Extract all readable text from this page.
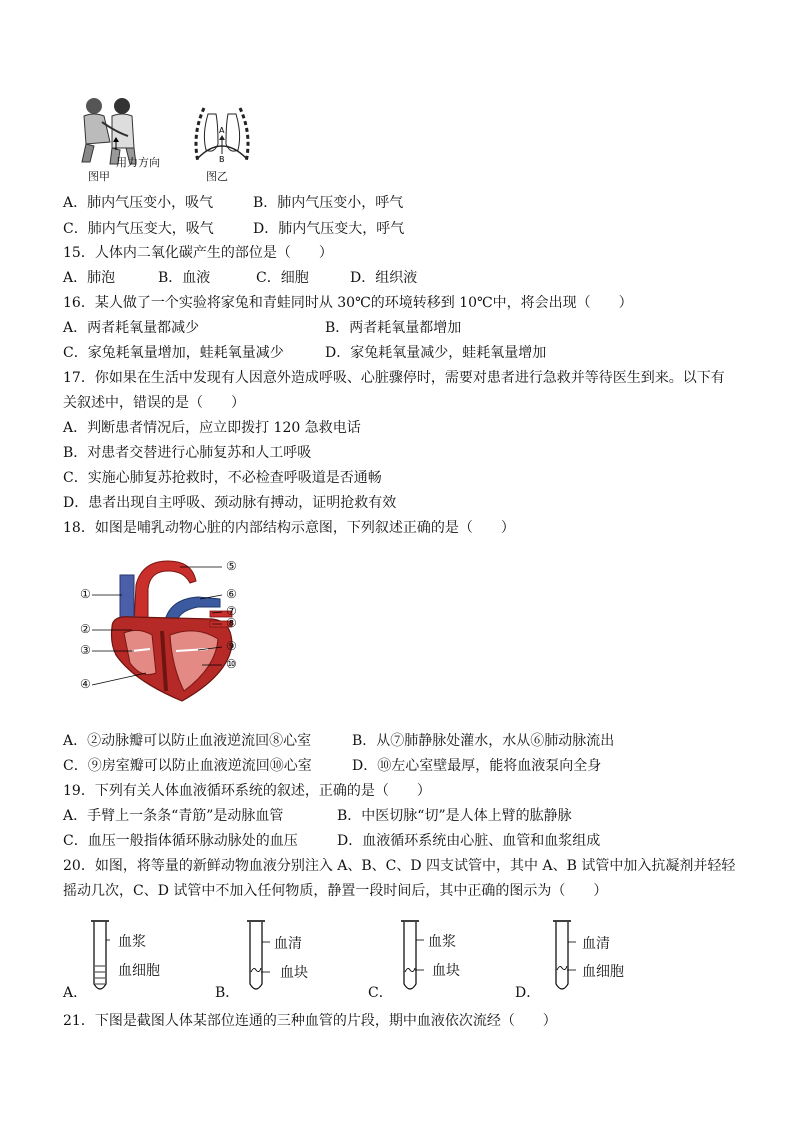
用力方向
图甲
A
B
图乙
A．肺内气压变小，吸气	B．肺内气压变小，呼气
C．肺内气压变大，吸气	D．肺内气压变大，呼气
15．人体内二氧化碳产生的部位是（　　）
A．肺泡	B．血液	C．细胞	D．组织液
16．某人做了一个实验将家兔和青蛙同时从 30℃的环境转移到 10℃中，将会出现（　　）
A．两者耗氧量都减少	B．两者耗氧量都增加
C．家兔耗氧量增加，蛙耗氧量减少	D．家兔耗氧量减少，蛙耗氧量增加
17．你如果在生活中发现有人因意外造成呼吸、心脏骤停时，需要对患者进行急救并等待医生到来。以下有
关叙述中，错误的是（　　）
A．判断患者情况后，应立即拨打 120 急救电话
B．对患者交替进行心肺复苏和人工呼吸
C．实施心肺复苏抢救时，不必检查呼吸道是否通畅
D．患者出现自主呼吸、颈动脉有搏动，证明抢救有效
18．如图是哺乳动物心脏的内部结构示意图，下列叙述正确的是（　　）
①
②
③
④
⑤
⑥
⑦
⑧
⑨
⑩
A．②动脉瓣可以防止血液逆流回⑧心室	B．从⑦肺静脉处灌水，水从⑥肺动脉流出
C．⑨房室瓣可以防止血液逆流回⑩心室	D．⑩左心室壁最厚，能将血液泵向全身
19．下列有关人体血液循环系统的叙述，正确的是（　　）
A．手臂上一条条“青筋”是动脉血管	B．中医切脉“切”是人体上臂的肱静脉
C．血压一般指体循环脉动脉处的血压	D．血液循环系统由心脏、血管和血浆组成
20．如图，将等量的新鲜动物血液分别注入 A、B、C、D 四支试管中，其中 A、B 试管中加入抗凝剂并轻轻
摇动几次，C、D 试管中不加入任何物质，静置一段时间后，其中正确的图示为（　　）
血浆
血细胞
A．
血清
血块
B．
血浆
血块
C．
血清
血细胞
D．
21．下图是截图人体某部位连通的三种血管的片段，期中血液依次流经（　　）
